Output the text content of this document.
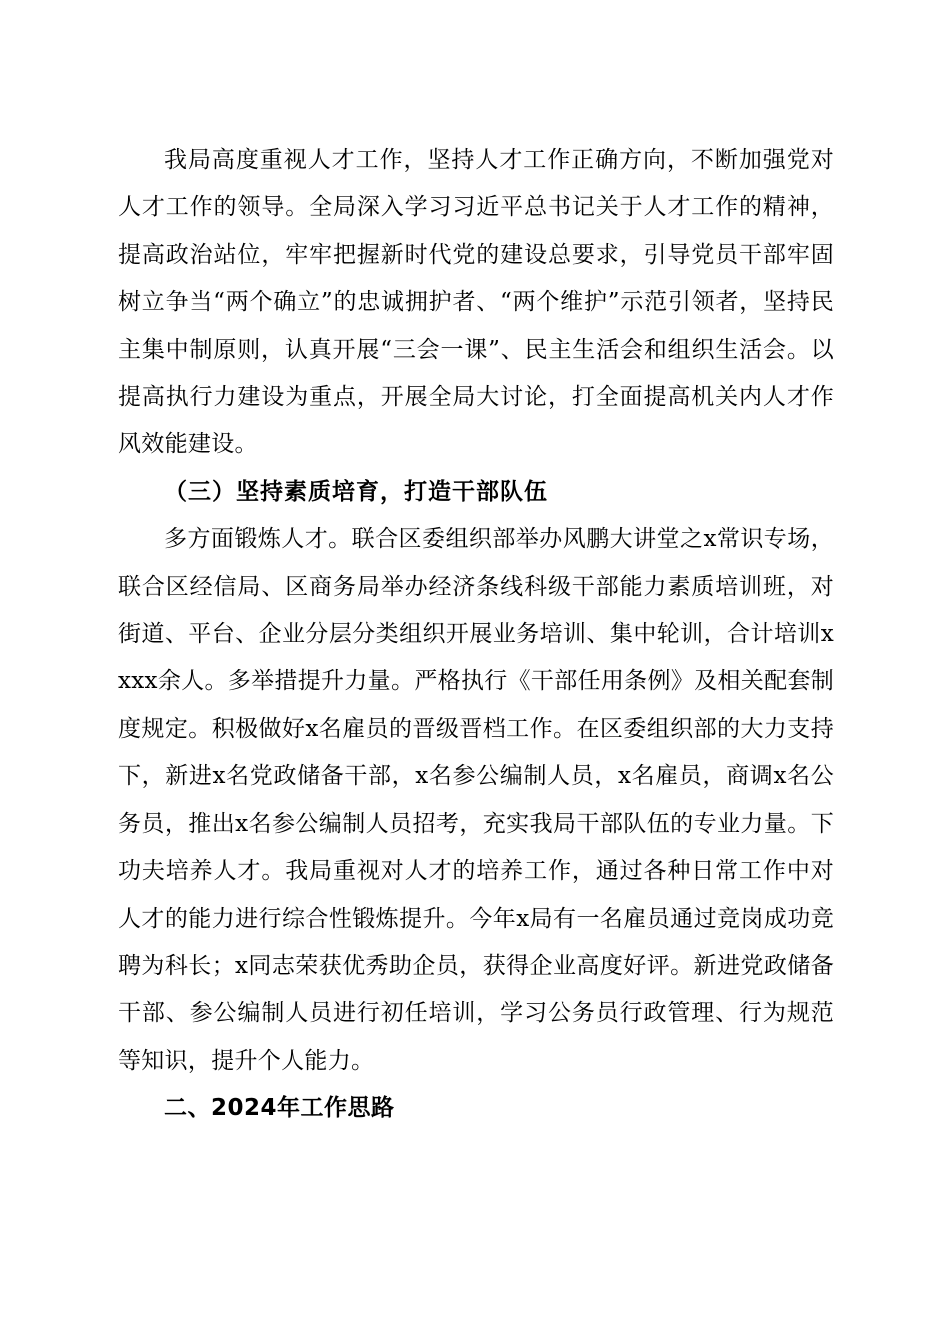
我局高度重视人才工作，坚持人才工作正确方向，不断加强党对人才工作的领导。全局深入学习习近平总书记关于人才工作的精神，提高政治站位，牢牢把握新时代党的建设总要求，引导党员干部牢固树立争当“两个确立”的忠诚拥护者、“两个维护”示范引领者，坚持民主集中制原则，认真开展“三会一课”、民主生活会和组织生活会。以提高执行力建设为重点，开展全局大讨论，打全面提高机关内人才作风效能建设。

（三）坚持素质培育，打造干部队伍

多方面锻炼人才。联合区委组织部举办风鹏大讲堂之x常识专场，联合区经信局、区商务局举办经济条线科级干部能力素质培训班，对街道、平台、企业分层分类组织开展业务培训、集中轮训，合计培训xxxx余人。多举措提升力量。严格执行《干部任用条例》及相关配套制度规定。积极做好x名雇员的晋级晋档工作。在区委组织部的大力支持下，新进x名党政储备干部，x名参公编制人员，x名雇员，商调x名公务员，推出x名参公编制人员招考，充实我局干部队伍的专业力量。下功夫培养人才。我局重视对人才的培养工作，通过各种日常工作中对人才的能力进行综合性锻炼提升。今年x局有一名雇员通过竞岗成功竞聘为科长；x同志荣获优秀助企员，获得企业高度好评。新进党政储备干部、参公编制人员进行初任培训，学习公务员行政管理、行为规范等知识，提升个人能力。

二、2024年工作思路
